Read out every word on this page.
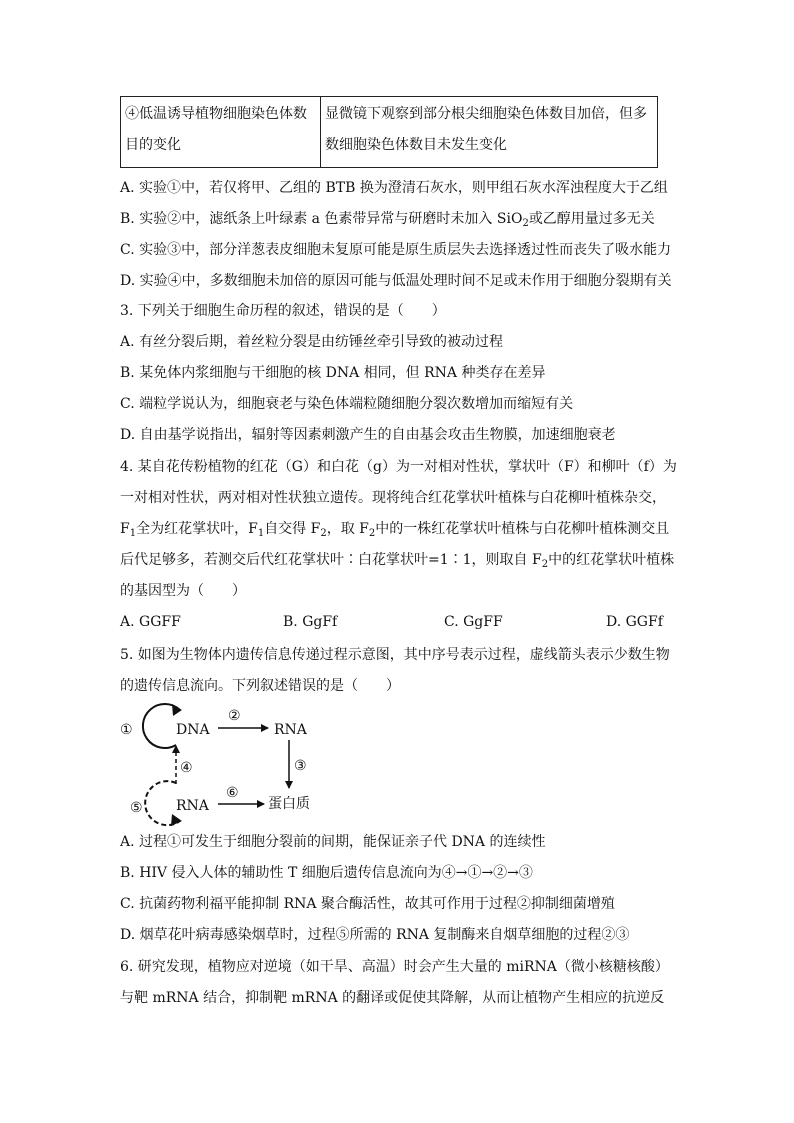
④低温诱导植物细胞染色体数目的变化	显微镜下观察到部分根尖细胞染色体数目加倍，但多数细胞染色体数目未发生变化
A. 实验①中，若仅将甲、乙组的 BTB 换为澄清石灰水，则甲组石灰水浑浊程度大于乙组
B. 实验②中，滤纸条上叶绿素 a 色素带异常与研磨时未加入 SiO$_2$或乙醇用量过多无关
C. 实验③中，部分洋葱表皮细胞未复原可能是原生质层失去选择透过性而丧失了吸水能力
D. 实验④中，多数细胞未加倍的原因可能与低温处理时间不足或未作用于细胞分裂期有关
3. 下列关于细胞生命历程的叙述，错误的是（　　）
A. 有丝分裂后期，着丝粒分裂是由纺锤丝牵引导致的被动过程
B. 某免体内浆细胞与干细胞的核 DNA 相同，但 RNA 种类存在差异
C. 端粒学说认为，细胞衰老与染色体端粒随细胞分裂次数增加而缩短有关
D. 自由基学说指出，辐射等因素刺激产生的自由基会攻击生物膜，加速细胞衰老
4. 某自花传粉植物的红花（G）和白花（g）为一对相对性状，掌状叶（F）和柳叶（f）为
一对相对性状，两对相对性状独立遗传。现将纯合红花掌状叶植株与白花柳叶植株杂交，
$F_1$全为红花掌状叶，$F_1$自交得 $F_2$，取 $F_2$中的一株红花掌状叶植株与白花柳叶植株测交且
后代足够多，若测交后代红花掌状叶∶白花掌状叶=1∶1，则取自 $F_2$中的红花掌状叶植株
的基因型为（　　）
A. GGFF	B. GgFf	C. GgFF	D. GGFf
5. 如图为生物体内遗传信息传递过程示意图，其中序号表示过程，虚线箭头表示少数生物
的遗传信息流向。下列叙述错误的是（　　）
①	DNA
②
RNA
③
④
⑤ RNA
⑥
蛋白质
A. 过程①可发生于细胞分裂前的间期，能保证亲子代 DNA 的连续性
B. HIV 侵入人体的辅助性 T 细胞后遗传信息流向为④→①→②→③
C. 抗菌药物利福平能抑制 RNA 聚合酶活性，故其可作用于过程②抑制细菌增殖
D. 烟草花叶病毒感染烟草时，过程⑤所需的 RNA 复制酶来自烟草细胞的过程②③
6. 研究发现，植物应对逆境（如干旱、高温）时会产生大量的 miRNA（微小核糖核酸）
与靶 mRNA 结合，抑制靶 mRNA 的翻译或促使其降解，从而让植物产生相应的抗逆反
